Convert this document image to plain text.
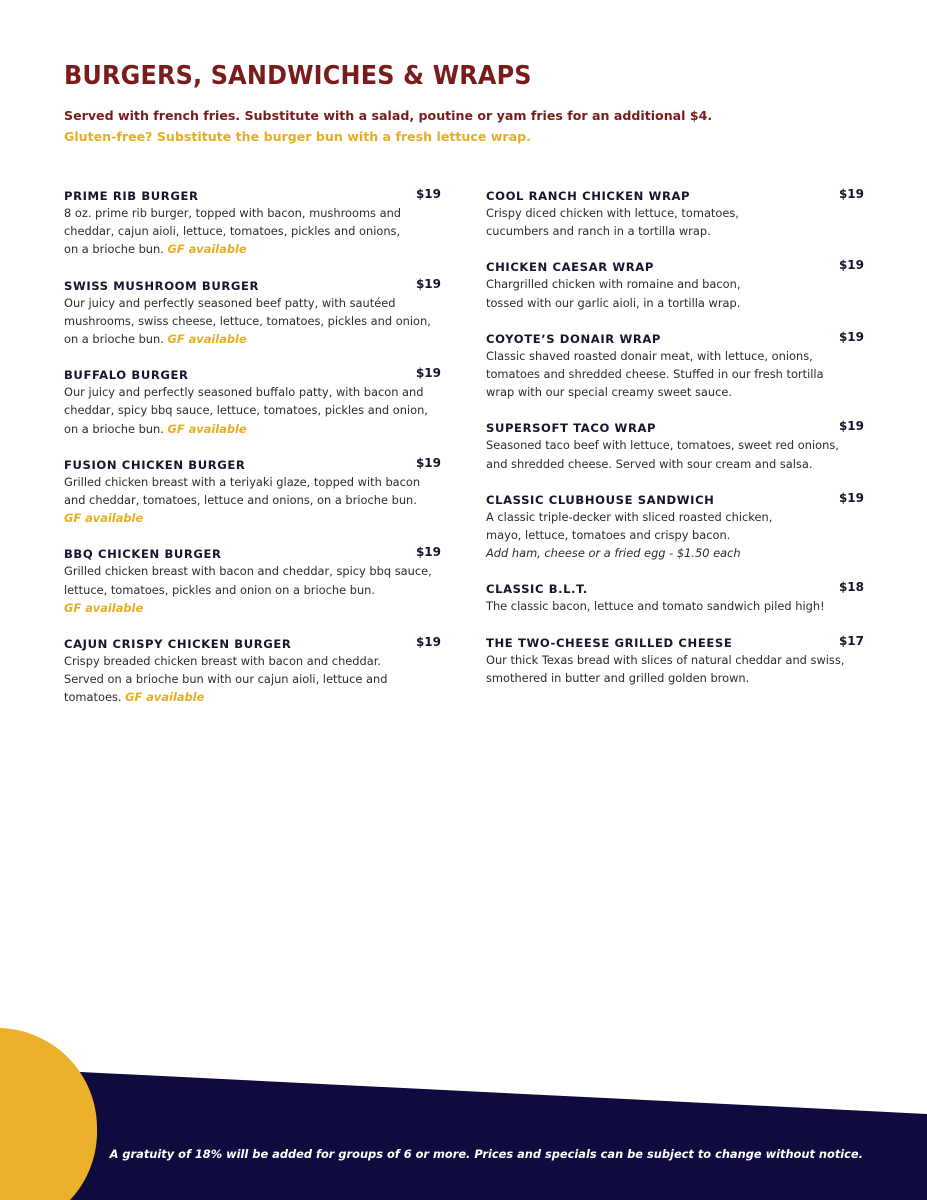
BURGERS, SANDWICHES & WRAPS

Served with french fries. Substitute with a salad, poutine or yam fries for an additional $4.

Gluten-free? Substitute the burger bun with a fresh lettuce wrap.

PRIME RIB BURGER	$19
8 oz. prime rib burger, topped with bacon, mushrooms and
cheddar, cajun aioli, lettuce, tomatoes, pickles and onions,
on a brioche bun. GF available
SWISS MUSHROOM BURGER	$19
Our juicy and perfectly seasoned beef patty, with sautéed
mushrooms, swiss cheese, lettuce, tomatoes, pickles and onion,
on a brioche bun. GF available
BUFFALO BURGER	$19
Our juicy and perfectly seasoned buffalo patty, with bacon and
cheddar, spicy bbq sauce, lettuce, tomatoes, pickles and onion,
on a brioche bun. GF available
FUSION CHICKEN BURGER	$19
Grilled chicken breast with a teriyaki glaze, topped with bacon
and cheddar, tomatoes, lettuce and onions, on a brioche bun.
GF available
BBQ CHICKEN BURGER	$19
Grilled chicken breast with bacon and cheddar, spicy bbq sauce,
lettuce, tomatoes, pickles and onion on a brioche bun.
GF available
CAJUN CRISPY CHICKEN BURGER	$19
Crispy breaded chicken breast with bacon and cheddar.
Served on a brioche bun with our cajun aioli, lettuce and
tomatoes. GF available
COOL RANCH CHICKEN WRAP	$19
Crispy diced chicken with lettuce, tomatoes,
cucumbers and ranch in a tortilla wrap.
CHICKEN CAESAR WRAP	$19
Chargrilled chicken with romaine and bacon,
tossed with our garlic aioli, in a tortilla wrap.
COYOTE’S DONAIR WRAP	$19
Classic shaved roasted donair meat, with lettuce, onions,
tomatoes and shredded cheese. Stuffed in our fresh tortilla
wrap with our special creamy sweet sauce.
SUPERSOFT TACO WRAP	$19
Seasoned taco beef with lettuce, tomatoes, sweet red onions,
and shredded cheese. Served with sour cream and salsa.
CLASSIC CLUBHOUSE SANDWICH	$19
A classic triple-decker with sliced roasted chicken,
mayo, lettuce, tomatoes and crispy bacon.
Add ham, cheese or a fried egg - $1.50 each
CLASSIC B.L.T.	$18
The classic bacon, lettuce and tomato sandwich piled high!
THE TWO-CHEESE GRILLED CHEESE	$17
Our thick Texas bread with slices of natural cheddar and swiss,
smothered in butter and grilled golden brown.
A gratuity of 18% will be added for groups of 6 or more. Prices and specials can be subject to change without notice.
